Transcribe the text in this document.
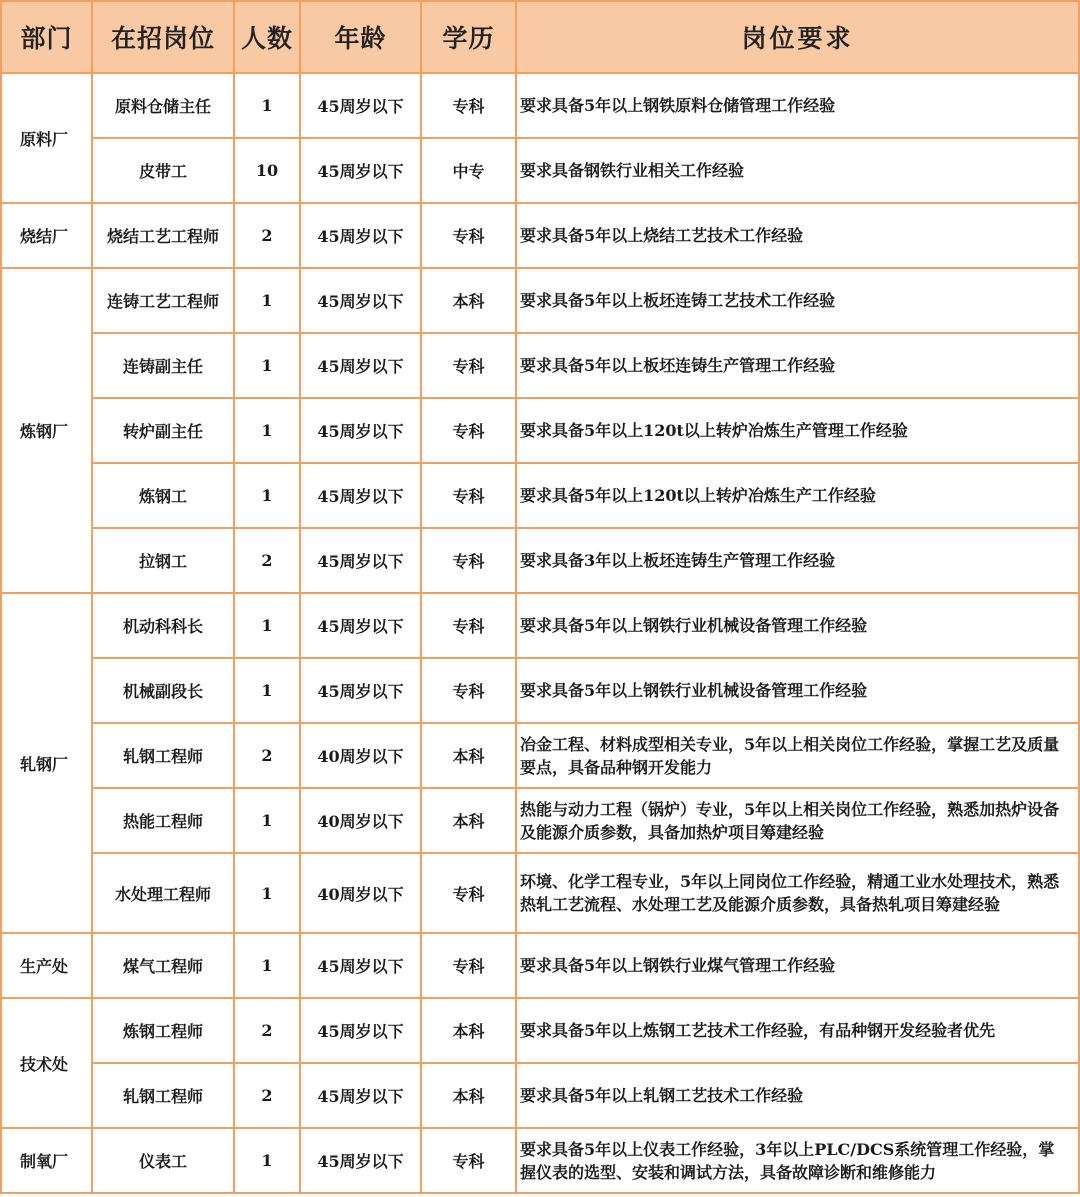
部门	在招岗位	人数	年龄	学历	岗位要求
原料厂	原料仓储主任	1	45周岁以下	专科	要求具备5年以上钢铁原料仓储管理工作经验
	皮带工	10	45周岁以下	中专	要求具备钢铁行业相关工作经验
烧结厂	烧结工艺工程师	2	45周岁以下	专科	要求具备5年以上烧结工艺技术工作经验
炼钢厂	连铸工艺工程师	1	45周岁以下	本科	要求具备5年以上板坯连铸工艺技术工作经验
	连铸副主任	1	45周岁以下	专科	要求具备5年以上板坯连铸生产管理工作经验
	转炉副主任	1	45周岁以下	专科	要求具备5年以上120t以上转炉冶炼生产管理工作经验
	炼钢工	1	45周岁以下	专科	要求具备5年以上120t以上转炉冶炼生产工作经验
	拉钢工	2	45周岁以下	专科	要求具备3年以上板坯连铸生产管理工作经验
轧钢厂	机动科科长	1	45周岁以下	专科	要求具备5年以上钢铁行业机械设备管理工作经验
	机械副段长	1	45周岁以下	专科	要求具备5年以上钢铁行业机械设备管理工作经验
	轧钢工程师	2	40周岁以下	本科	冶金工程、材料成型相关专业，5年以上相关岗位工作经验，掌握工艺及质量要点，具备品种钢开发能力
	热能工程师	1	40周岁以下	本科	热能与动力工程（锅炉）专业，5年以上相关岗位工作经验，熟悉加热炉设备及能源介质参数，具备加热炉项目筹建经验
	水处理工程师	1	40周岁以下	专科	环境、化学工程专业，5年以上同岗位工作经验，精通工业水处理技术，熟悉热轧工艺流程、水处理工艺及能源介质参数，具备热轧项目筹建经验
生产处	煤气工程师	1	45周岁以下	专科	要求具备5年以上钢铁行业煤气管理工作经验
技术处	炼钢工程师	2	45周岁以下	本科	要求具备5年以上炼钢工艺技术工作经验，有品种钢开发经验者优先
	轧钢工程师	2	45周岁以下	本科	要求具备5年以上轧钢工艺技术工作经验
制氧厂	仪表工	1	45周岁以下	专科	要求具备5年以上仪表工作经验，3年以上PLC/DCS系统管理工作经验，掌握仪表的选型、安装和调试方法，具备故障诊断和维修能力
